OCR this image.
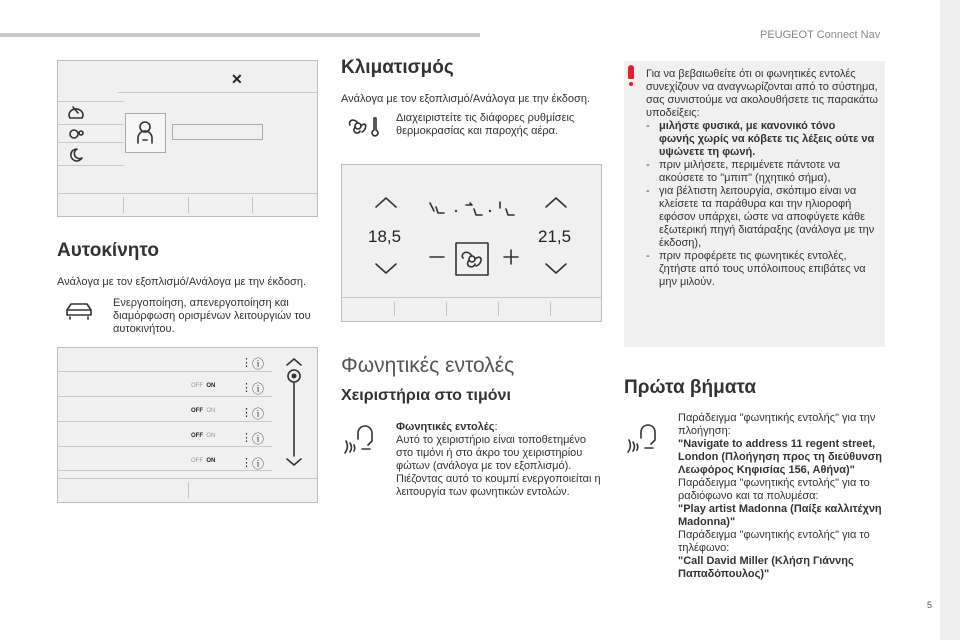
PEUGEOT Connect Nav
5
✕
Αυτοκίνητο
Ανάλογα με τον εξοπλισμό/Ανάλογα με την έκδοση.
Ενεργοποίηση, απενεργοποίηση και
διαμόρφωση ορισμένων λειτουργιών του
αυτοκινήτου.
OFF ON
OFF ON
OFF ON
OFF ON
⋮ ⓘ
⋮ ⓘ
⋮ ⓘ
⋮ ⓘ
⋮ ⓘ
Κλιματισμός
Ανάλογα με τον εξοπλισμό/Ανάλογα με την έκδοση.
Διαχειριστείτε τις διάφορες ρυθμίσεις
θερμοκρασίας και παροχής αέρα.
18,5	21,5
Φωνητικές εντολές
Χειριστήρια στο τιμόνι
Φωνητικές εντολές:
Αυτό το χειριστήριο είναι τοποθετημένο
στο τιμόνι ή στο άκρο του χειριστηρίου
φώτων (ανάλογα με τον εξοπλισμό).
Πιέζοντας αυτό το κουμπί ενεργοποιείται η
λειτουργία των φωνητικών εντολών.
Για να βεβαιωθείτε ότι οι φωνητικές εντολές
συνεχίζουν να αναγνωρίζονται από το σύστημα,
σας συνιστούμε να ακολουθήσετε τις παρακάτω
υποδείξεις:
- μιλήστε φυσικά, με κανονικό τόνο
φωνής χωρίς να κόβετε τις λέξεις ούτε να
υψώνετε τη φωνή.
- πριν μιλήσετε, περιμένετε πάντοτε να
ακούσετε το "μπιπ" (ηχητικό σήμα),
- για βέλτιστη λειτουργία, σκόπιμο είναι να
κλείσετε τα παράθυρα και την ηλιοροφή
εφόσον υπάρχει, ώστε να αποφύγετε κάθε
εξωτερική πηγή διατάραξης (ανάλογα με την
έκδοση),
- πριν προφέρετε τις φωνητικές εντολές,
ζητήστε από τους υπόλοιπους επιβάτες να
μην μιλούν.
Πρώτα βήματα
Παράδειγμα "φωνητικής εντολής" για την
πλοήγηση:
"Navigate to address 11 regent street,
London (Πλοήγηση προς τη διεύθυνση
Λεωφόρος Κηφισίας 156, Αθήνα)"
Παράδειγμα "φωνητικής εντολής" για το
ραδιόφωνο και τα πολυμέσα:
"Play artist Madonna (Παίξε καλλιτέχνη
Madonna)"
Παράδειγμα "φωνητικής εντολής" για το
τηλέφωνο:
"Call David Miller (Κλήση Γιάννης
Παπαδόπουλος)"
